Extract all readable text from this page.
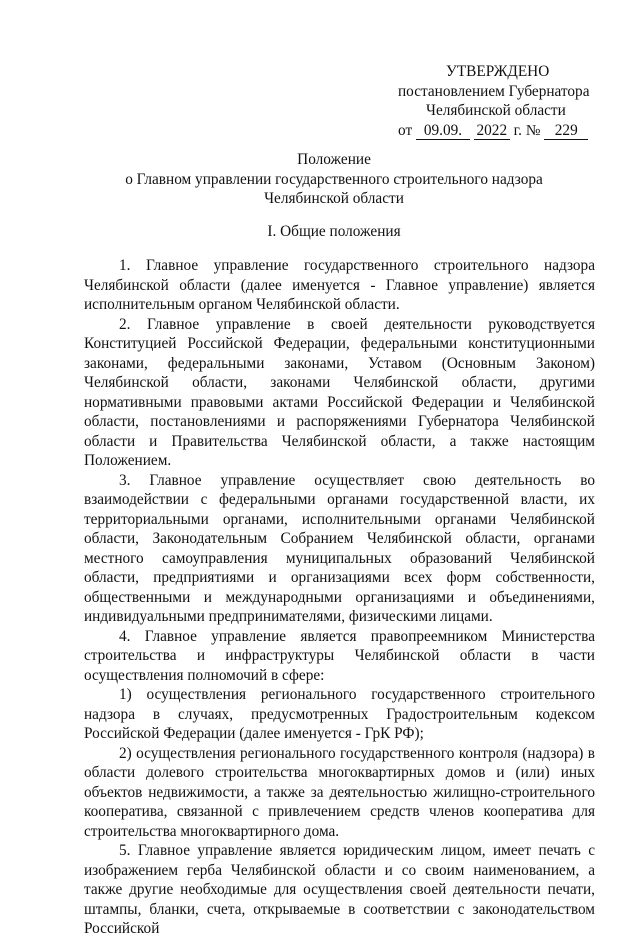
УТВЕРЖДЕНО
постановлением Губернатора
Челябинской области
от 09.09. 2022 г. № 229
Положение
о Главном управлении государственного строительного надзора
Челябинской области
I. Общие положения

1. Главное управление государственного строительного надзора Челябинской области (далее именуется - Главное управление) является исполнительным органом Челябинской области.

2. Главное управление в своей деятельности руководствуется Конституцией Российской Федерации, федеральными конституционными законами, федеральными законами, Уставом (Основным Законом) Челябинской области, законами Челябинской области, другими нормативными правовыми актами Российской Федерации и Челябинской области, постановлениями и распоряжениями Губернатора Челябинской области и Правительства Челябинской области, а также настоящим Положением.

3. Главное управление осуществляет свою деятельность во взаимодействии с федеральными органами государственной власти, их территориальными органами, исполнительными органами Челябинской области, Законодательным Собранием Челябинской области, органами местного самоуправления муниципальных образований Челябинской области, предприятиями и организациями всех форм собственности, общественными и международными организациями и объединениями, индивидуальными предпринимателями, физическими лицами.

4. Главное управление является правопреемником Министерства строительства и инфраструктуры Челябинской области в части осуществления полномочий в сфере:

1) осуществления регионального государственного строительного надзора в случаях, предусмотренных Градостроительным кодексом Российской Федерации (далее именуется - ГрК РФ);

2) осуществления регионального государственного контроля (надзора) в области долевого строительства многоквартирных домов и (или) иных объектов недвижимости, а также за деятельностью жилищно-строительного кооператива, связанной с привлечением средств членов кооператива для строительства многоквартирного дома.

5. Главное управление является юридическим лицом, имеет печать с изображением герба Челябинской области и со своим наименованием, а также другие необходимые для осуществления своей деятельности печати, штампы, бланки, счета, открываемые в соответствии с законодательством Российской
